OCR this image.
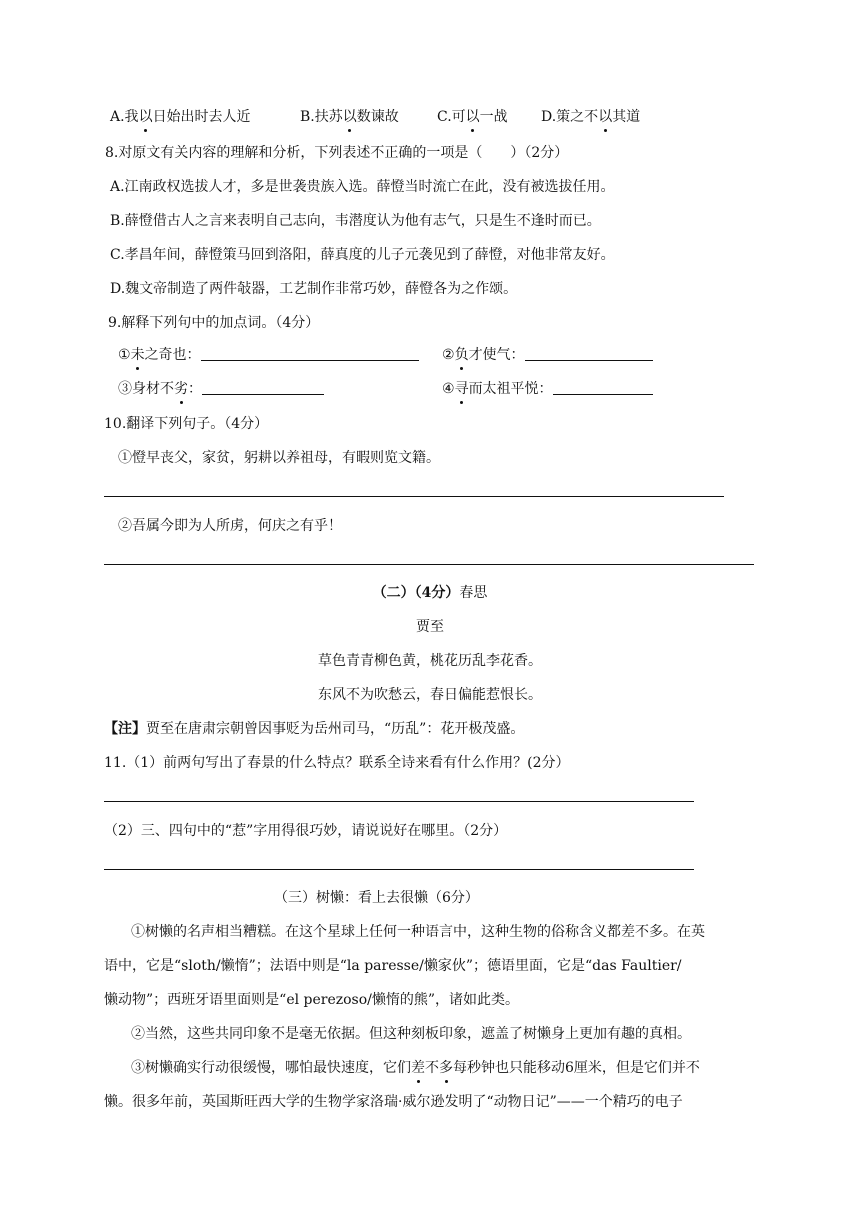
A.我以日始出时去人近	B.扶苏以数谏故	C.可以一战 D.策之不以其道
8.对原文有关内容的理解和分析，下列表述不正确的一项是（　　）（2分）
A.江南政权选拔人才，多是世袭贵族入选。薛憕当时流亡在此，没有被选拔任用。
B.薛憕借古人之言来表明自己志向，韦潜度认为他有志气，只是生不逢时而已。
C.孝昌年间，薛憕策马回到洛阳，薛真度的儿子元袭见到了薛憕，对他非常友好。
D.魏文帝制造了两件敧器，工艺制作非常巧妙，薛憕各为之作颂。
9.解释下列句中的加点词。（4分）
①未之奇也：	②负才使气：
③身材不劣：	④寻而太祖平悦：
10.翻译下列句子。（4分）
①憕早丧父，家贫，躬耕以养祖母，有暇则览文籍。
②吾属今即为人所虏，何庆之有乎！
（二）（4分）春思
贾至
草色青青柳色黄，桃花历乱李花香。
东风不为吹愁云，春日偏能惹恨长。
【注】贾至在唐肃宗朝曾因事贬为岳州司马，“历乱”：花开极茂盛。
11.（1）前两句写出了春景的什么特点？联系全诗来看有什么作用？(2分）
（2）三、四句中的“惹”字用得很巧妙，请说说好在哪里。（2分）
（三）树懒：看上去很懒（6分）
①树懒的名声相当糟糕。在这个星球上任何一种语言中，这种生物的俗称含义都差不多。在英
语中，它是“sloth/懒惰”；法语中则是“la paresse/懒家伙”；德语里面，它是“das Faultier/
懒动物”；西班牙语里面则是“el perezoso/懒惰的熊”，诸如此类。
②当然，这些共同印象不是毫无依据。但这种刻板印象，遮盖了树懒身上更加有趣的真相。
③树懒确实行动很缓慢，哪怕最快速度，它们差不多每秒钟也只能移动6厘米，但是它们并不
懒。很多年前，英国斯旺西大学的生物学家洛瑞·威尔逊发明了“动物日记”——一个精巧的电子
